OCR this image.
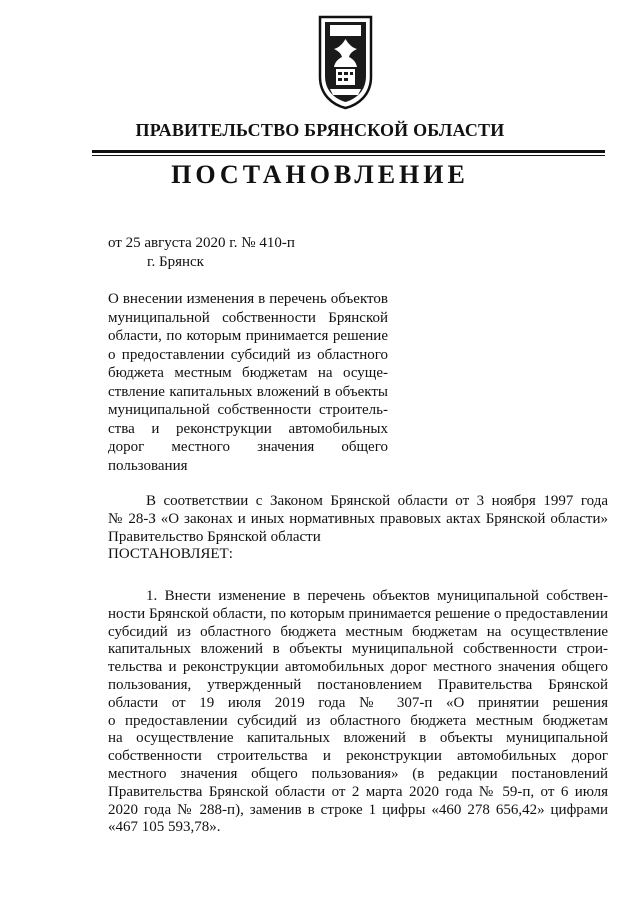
ПРАВИТЕЛЬСТВО БРЯНСКОЙ ОБЛАСТИ
ПОСТАНОВЛЕНИЕ
от 25 августа 2020 г. № 410-п
г. Брянск
О внесении изменения в перечень объектов
муниципальной собственности Брянской
области, по которым принимается решение
о предоставлении субсидий из областного
бюджета местным бюджетам на осуще-
ствление капитальных вложений в объекты
муниципальной собственности строитель-
ства и реконструкции автомобильных
дорог местного значения общего
пользования
В соответствии с Законом Брянской области от 3 ноября 1997 года
№ 28-З «О законах и иных нормативных правовых актах Брянской области»
Правительство Брянской области
ПОСТАНОВЛЯЕТ:
1. Внести изменение в перечень объектов муниципальной собствен-
ности Брянской области, по которым принимается решение о предоставлении
субсидий из областного бюджета местным бюджетам на осуществление
капитальных вложений в объекты муниципальной собственности строи-
тельства и реконструкции автомобильных дорог местного значения общего
пользования, утвержденный постановлением Правительства Брянской
области от 19 июля 2019 года № 307-п «О принятии решения
о предоставлении субсидий из областного бюджета местным бюджетам
на осуществление капитальных вложений в объекты муниципальной
собственности строительства и реконструкции автомобильных дорог
местного значения общего пользования» (в редакции постановлений
Правительства Брянской области от 2 марта 2020 года № 59-п, от 6 июля
2020 года № 288-п), заменив в строке 1 цифры «460 278 656,42» цифрами
«467 105 593,78».
